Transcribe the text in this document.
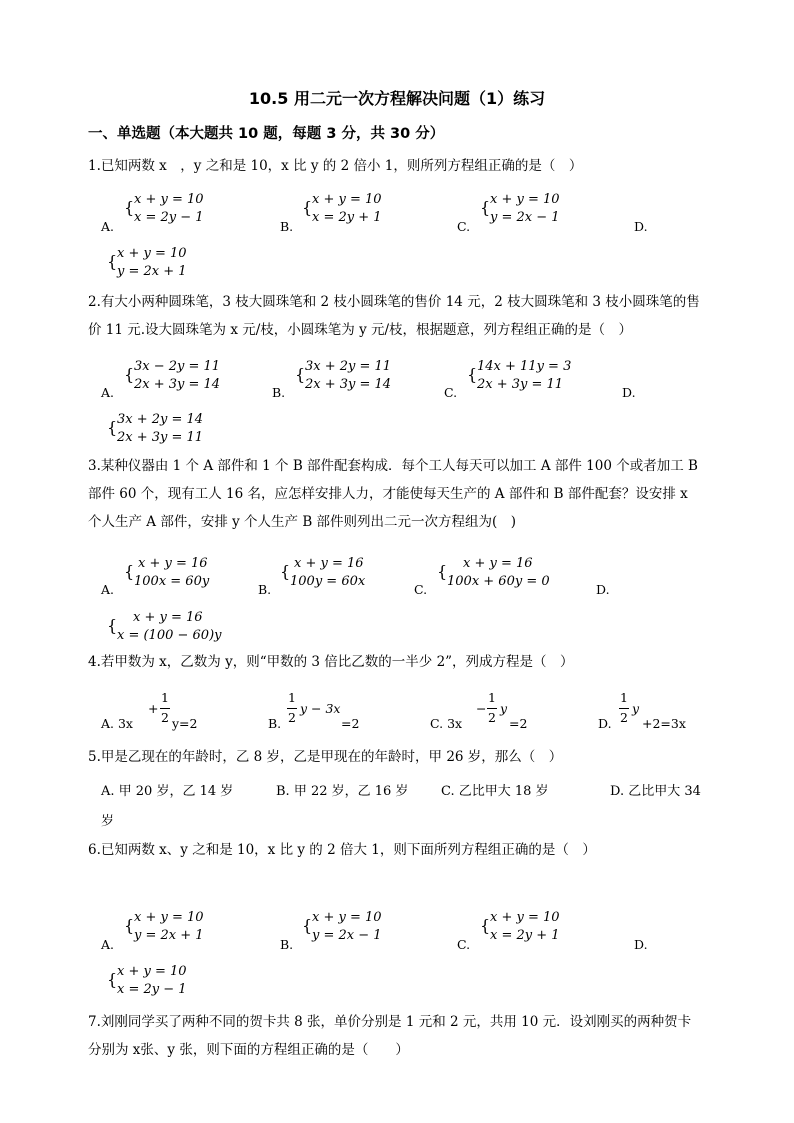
10.5 用二元一次方程解决问题（1）练习
一、单选题（本大题共 10 题，每题 3 分，共 30 分）
1.已知两数 x　，y 之和是 10，x 比 y 的 2 倍小 1，则所列方程组正确的是（　）
A.
{ x + y = 10
x = 2y − 1
B.
{ x + y = 10
x = 2y + 1
C.
{ x + y = 10
y = 2x − 1
D.
{ x + y = 10
y = 2x + 1
2.有大小两种圆珠笔，3 枝大圆珠笔和 2 枝小圆珠笔的售价 14 元，2 枝大圆珠笔和 3 枝小圆珠笔的售
价 11 元.设大圆珠笔为 x 元/枝，小圆珠笔为 y 元/枝，根据题意，列方程组正确的是（　）
A.
{ 3x − 2y = 11
2x + 3y = 14
B.
{ 3x + 2y = 11
2x + 3y = 14
C.
{ 14x + 11y = 3
2x + 3y = 11
D.
{ 3x + 2y = 14
2x + 3y = 11
3.某种仪器由 1 个 A 部件和 1 个 B 部件配套构成．每个工人每天可以加工 A 部件 100 个或者加工 B
部件 60 个，现有工人 16 名，应怎样安排人力，才能使每天生产的 A 部件和 B 部件配套？设安排 x
个人生产 A 部件，安排 y 个人生产 B 部件则列出二元一次方程组为(　)
A.
{ x + y = 16
100x = 60y
B.
{ x + y = 16
100y = 60x
C.
{	x + y = 16
100x + 60y = 0
D.
{	x + y = 16
x = (100 − 60)y
4.若甲数为 x，乙数为 y，则“甲数的 3 倍比乙数的一半少 2”，列成方程是（　）
A. 3x
+
1
2 y=2	B.
1
2
y − 3x
=2	C. 3x
−
1
2
y
=2	D.
1
2
y
+2=3x
5.甲是乙现在的年龄时，乙 8 岁，乙是甲现在的年龄时，甲 26 岁，那么（　）
A. 甲 20 岁，乙 14 岁	B. 甲 22 岁，乙 16 岁	C. 乙比甲大 18 岁	D. 乙比甲大 34
岁
6.已知两数 x、y 之和是 10，x 比 y 的 2 倍大 1，则下面所列方程组正确的是（　）
A.
{ x + y = 10
y = 2x + 1
B.
{ x + y = 10
y = 2x − 1
C.
{ x + y = 10
x = 2y + 1
D.
{ x + y = 10
x = 2y − 1
7.刘刚同学买了两种不同的贺卡共 8 张，单价分别是 1 元和 2 元，共用 10 元．设刘刚买的两种贺卡
分别为 x张、y 张，则下面的方程组正确的是（　　）
